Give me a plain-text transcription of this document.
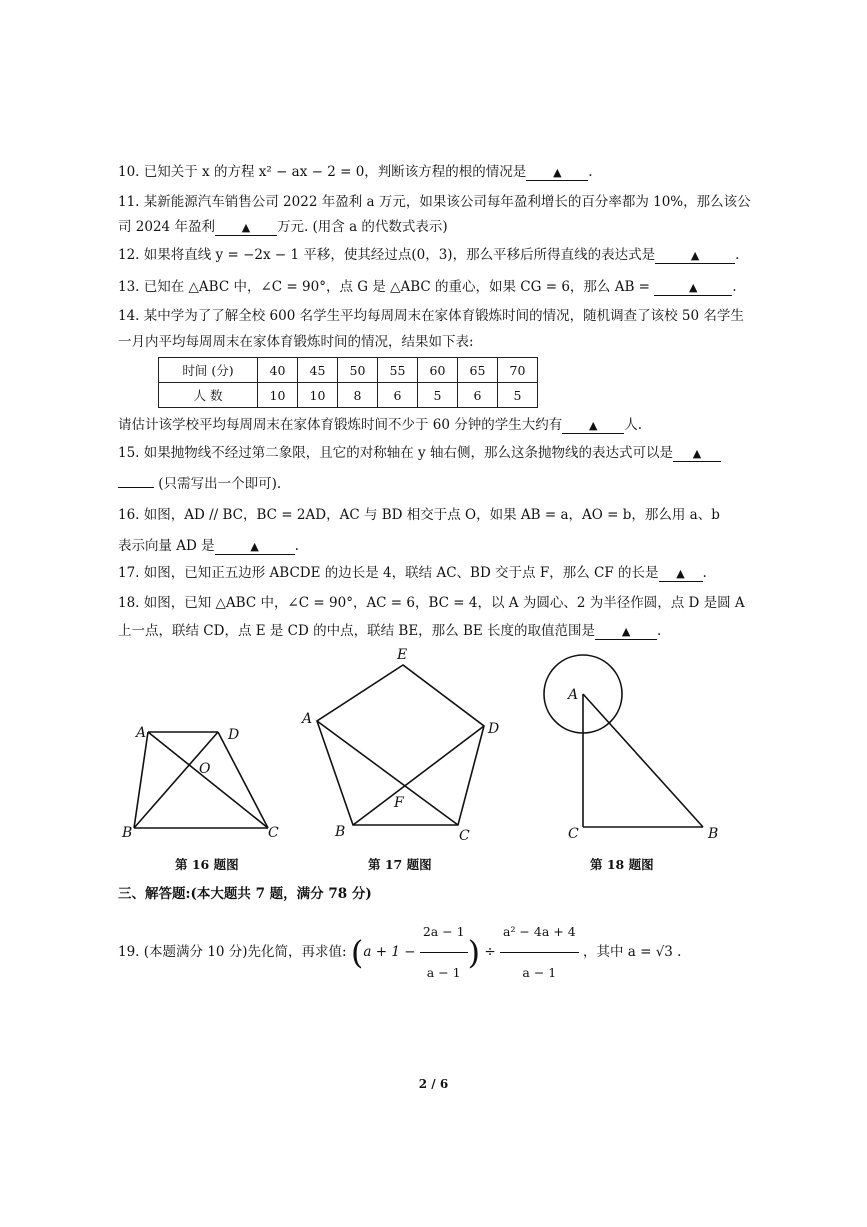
10. 已知关于 x 的方程 x² − ax − 2 = 0，判断该方程的根的情况是 ▲ .
11. 某新能源汽车销售公司 2022 年盈利 a 万元，如果该公司每年盈利增长的百分率都为 10%，那么该公
司 2024 年盈利 ▲ 万元. (用含 a 的代数式表示)
12. 如果将直线 y = −2x − 1 平移，使其经过点(0，3)，那么平移后所得直线的表达式是	▲	.
13. 已知在 △ABC 中，∠C = 90°，点 G 是 △ABC 的重心，如果 CG = 6，那么 AB =	▲	.
14. 某中学为了了解全校 600 名学生平均每周周末在家体育锻炼时间的情况，随机调查了该校 50 名学生
一月内平均每周周末在家体育锻炼时间的情况，结果如下表:
时间 (分)	40	45	50	55	60	65	70
人 数	10	10	8	6	5	6	5
请估计该学校平均每周周末在家体育锻炼时间不少于 60 分钟的学生大约有 ▲ 人.
15. 如果抛物线不经过第二象限，且它的对称轴在 y 轴右侧，那么这条抛物线的表达式可以是 ▲
(只需写出一个即可).
16. 如图，AD // BC，BC = 2AD，AC 与 BD 相交于点 O，如果 AB = a，AO = b，那么用 a、b
表示向量 AD 是	▲	.
17. 如图，已知正五边形 ABCDE 的边长是 4，联结 AC、BD 交于点 F，那么 CF 的长是 ▲ .
18. 如图，已知 △ABC 中，∠C = 90°，AC = 6，BC = 4，以 A 为圆心、2 为半径作圆，点 D 是圆 A
上一点，联结 CD，点 E 是 CD 的中点，联结 BE，那么 BE 长度的取值范围是 ▲ .
A	D
O
B	C
E
A
D
F
B	C
A
C	B
第 16 题图	第 17 题图	第 18 题图
三、解答题:(本大题共 7 题，满分 78 分)
19. (本题满分 10 分)先化简，再求值: ($a + 1 - \frac{2a - 1}{a - 1}$ ) ÷ $\frac{\text{a² − 4a + 4}}{a - 1}$ ，其中 a = √3 .
2 / 6
